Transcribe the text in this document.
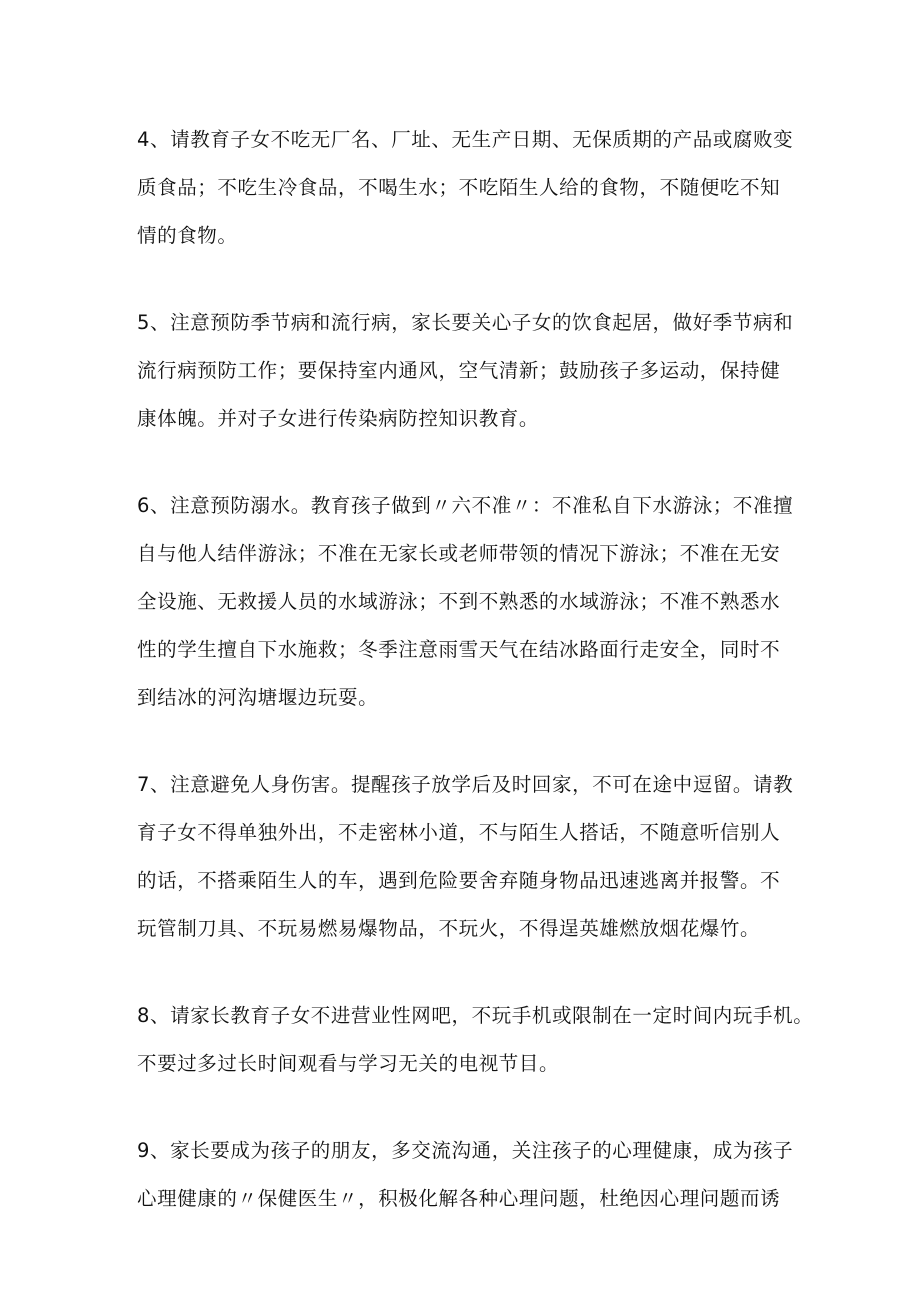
4、请教育子女不吃无厂名、厂址、无生产日期、无保质期的产品或腐败变
质食品；不吃生冷食品，不喝生水；不吃陌生人给的食物，不随便吃不知
情的食物。
5、注意预防季节病和流行病，家长要关心子女的饮食起居，做好季节病和
流行病预防工作；要保持室内通风，空气清新；鼓励孩子多运动，保持健
康体魄。并对子女进行传染病防控知识教育。
6、注意预防溺水。教育孩子做到〃六不准〃：不准私自下水游泳；不准擅
自与他人结伴游泳；不准在无家长或老师带领的情况下游泳；不准在无安
全设施、无救援人员的水域游泳；不到不熟悉的水域游泳；不准不熟悉水
性的学生擅自下水施救；冬季注意雨雪天气在结冰路面行走安全，同时不
到结冰的河沟塘堰边玩耍。
7、注意避免人身伤害。提醒孩子放学后及时回家，不可在途中逗留。请教
育子女不得单独外出，不走密林小道，不与陌生人搭话，不随意听信别人
的话，不搭乘陌生人的车，遇到危险要舍弃随身物品迅速逃离并报警。不
玩管制刀具、不玩易燃易爆物品，不玩火，不得逞英雄燃放烟花爆竹。
8、请家长教育子女不进营业性网吧，不玩手机或限制在一定时间内玩手机。
不要过多过长时间观看与学习无关的电视节目。
9、家长要成为孩子的朋友，多交流沟通，关注孩子的心理健康，成为孩子
心理健康的〃保健医生〃，积极化解各种心理问题，杜绝因心理问题而诱
